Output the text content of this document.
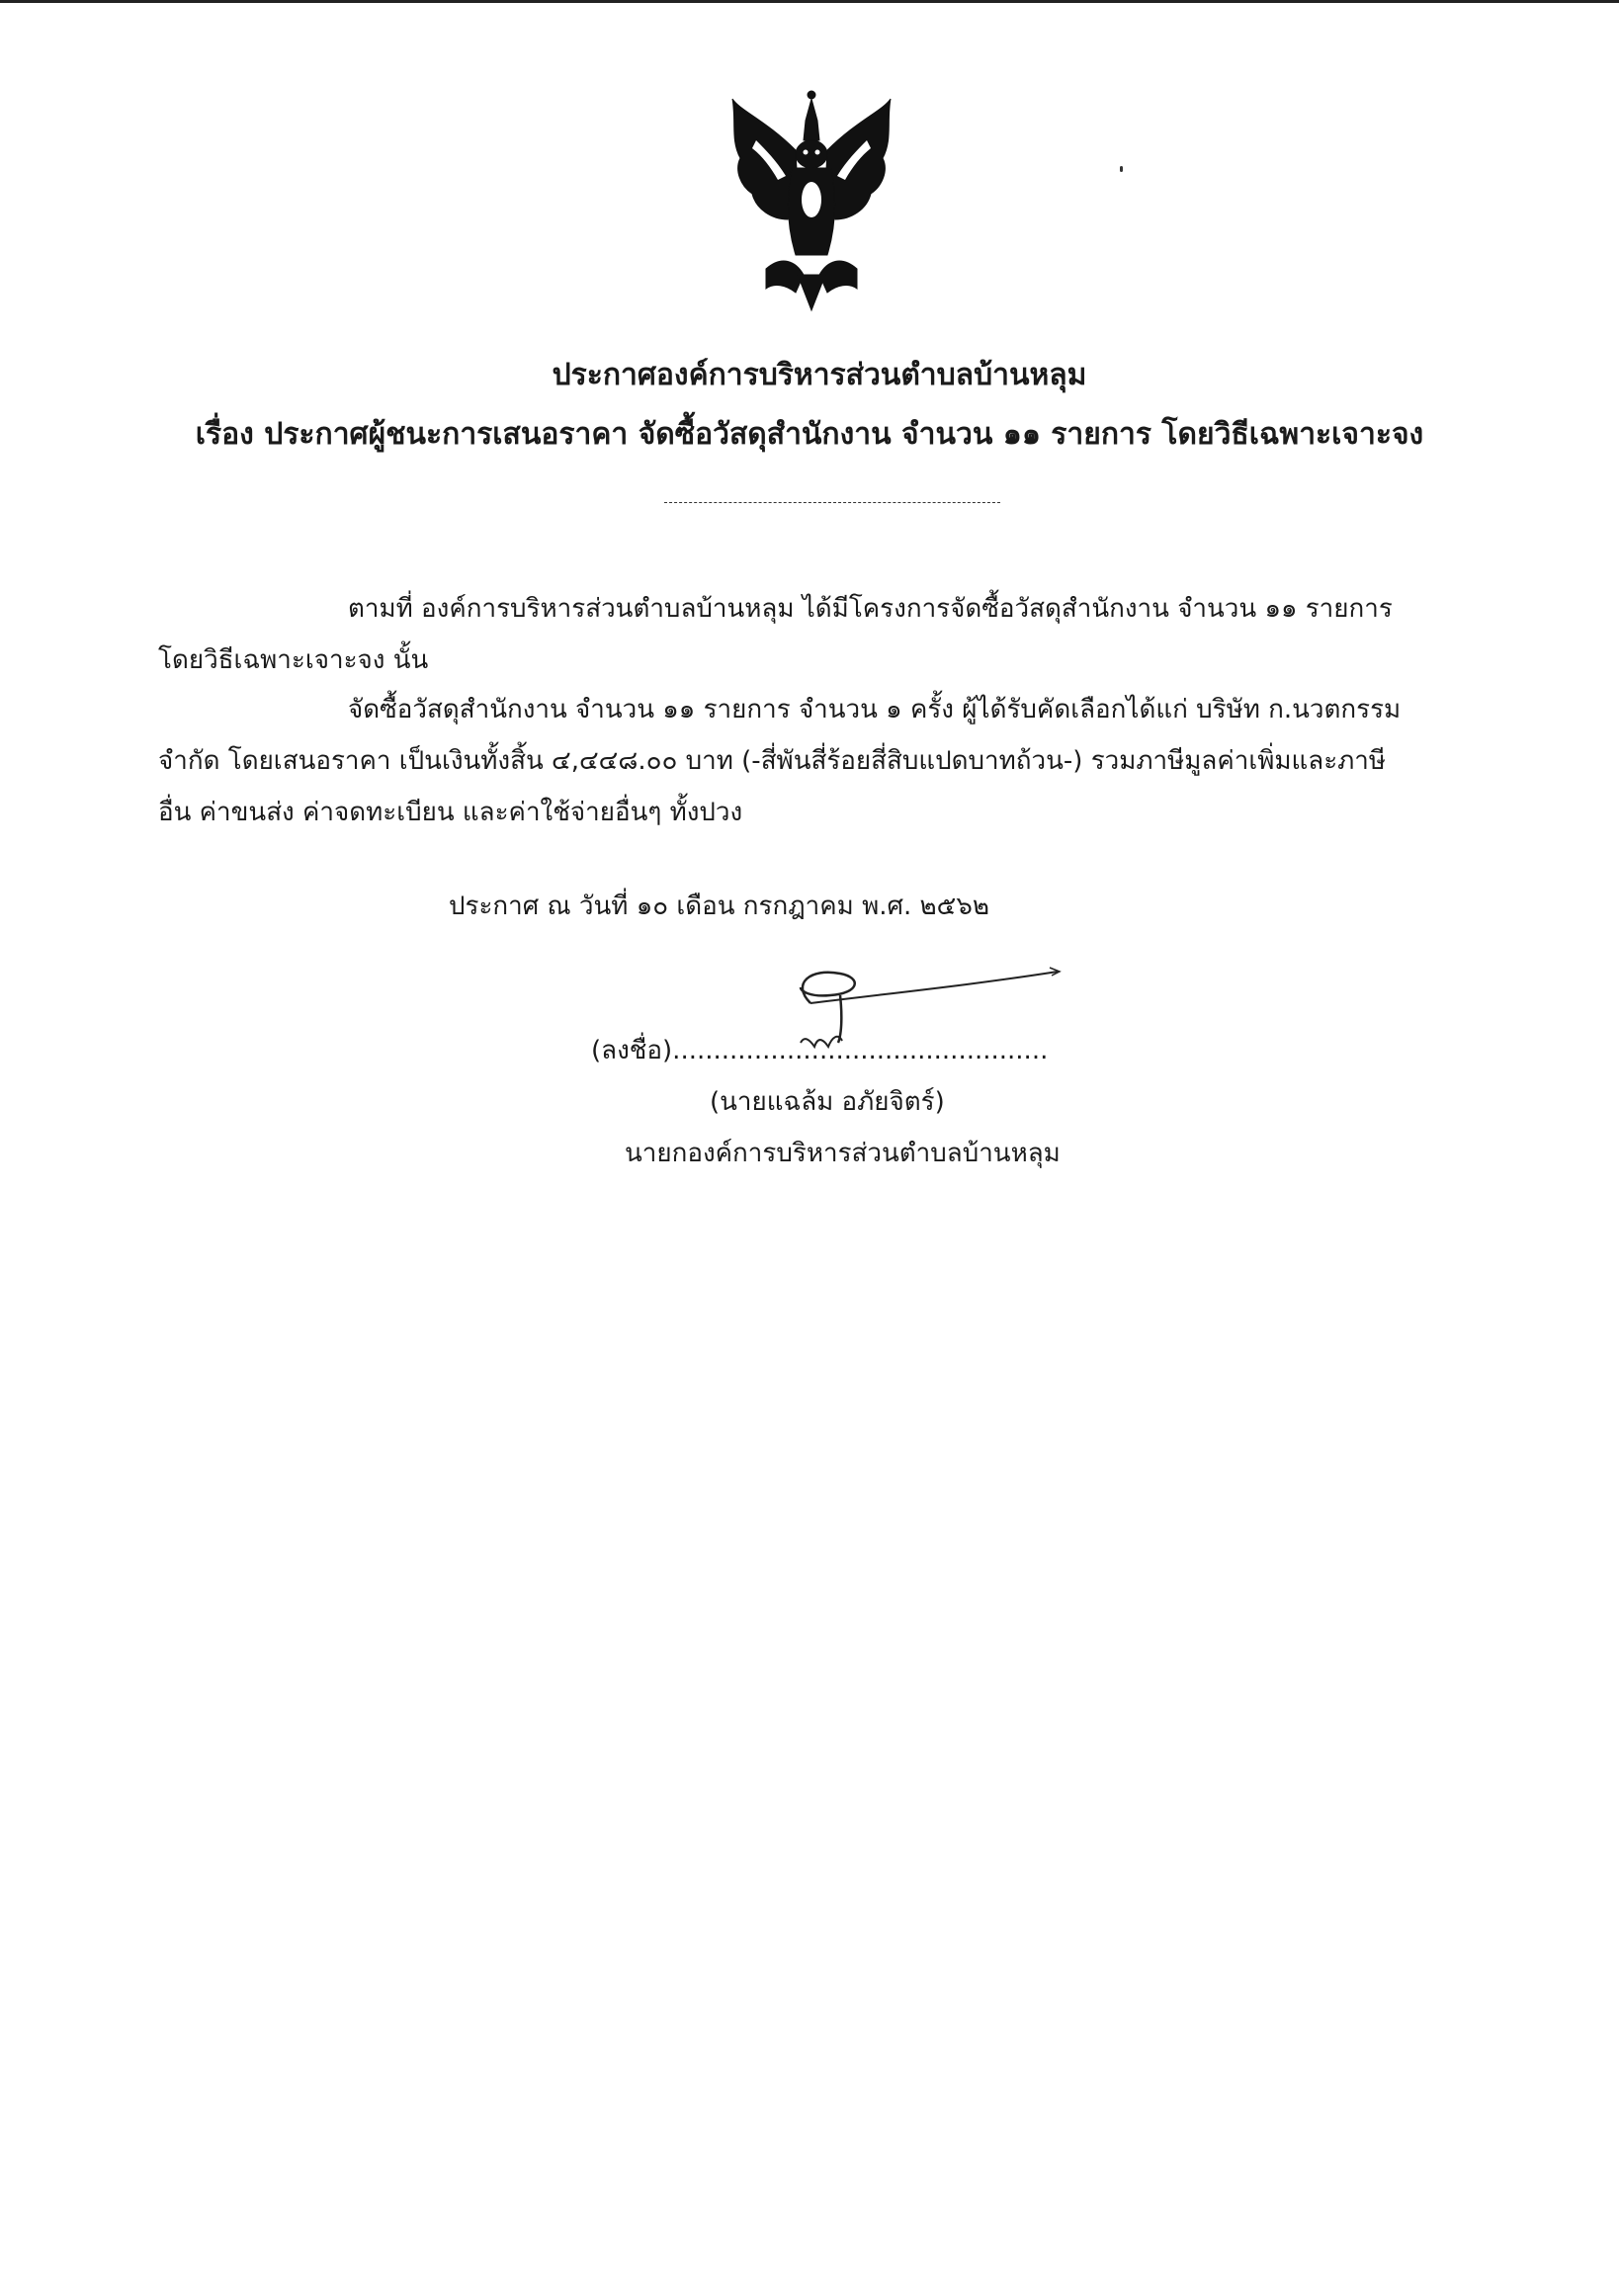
ประกาศองค์การบริหารส่วนตำบลบ้านหลุม
เรื่อง ประกาศผู้ชนะการเสนอราคา จัดซื้อวัสดุสำนักงาน จำนวน ๑๑ รายการ โดยวิธีเฉพาะเจาะจง
ตามที่ องค์การบริหารส่วนตำบลบ้านหลุม ได้มีโครงการจัดซื้อวัสดุสำนักงาน จำนวน ๑๑ รายการ
โดยวิธีเฉพาะเจาะจง นั้น
จัดซื้อวัสดุสำนักงาน จำนวน ๑๑ รายการ จำนวน ๑ ครั้ง ผู้ได้รับคัดเลือกได้แก่ บริษัท ก.นวตกรรม
จำกัด โดยเสนอราคา เป็นเงินทั้งสิ้น ๔,๔๔๘.๐๐ บาท (-สี่พันสี่ร้อยสี่สิบแปดบาทถ้วน-) รวมภาษีมูลค่าเพิ่มและภาษี
อื่น ค่าขนส่ง ค่าจดทะเบียน และค่าใช้จ่ายอื่นๆ ทั้งปวง
ประกาศ ณ วันที่ ๑๐ เดือน กรกฎาคม พ.ศ. ๒๕๖๒
(ลงชื่อ)..............................................
(นายแฉล้ม อภัยจิตร์)
นายกองค์การบริหารส่วนตำบลบ้านหลุม
